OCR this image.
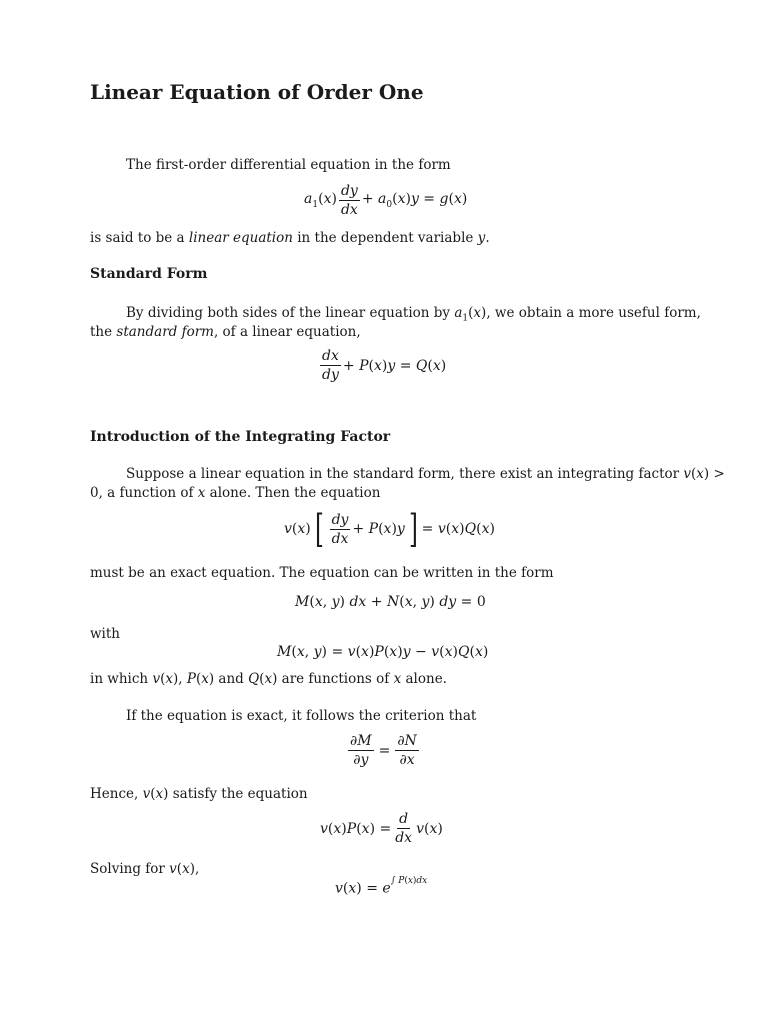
Linear Equation of Order One
The first-order differential equation in the form
$a_1(x) \frac{dy}{dx} + a_0(x)y = g(x)$
is said to be a linear equation in the dependent variable y.
Standard Form
By dividing both sides of the linear equation by $a_1(x)$, we obtain a more useful form,
the standard form, of a linear equation,
$\frac{dx}{dy} + P(x)y = Q(x)$
Introduction of the Integrating Factor
Suppose a linear equation in the standard form, there exist an integrating factor v(x) >
0, a function of x alone. Then the equation
v(x) [ $\frac{dy}{dx} + P(x)y$ ] = v(x)Q(x)
must be an exact equation. The equation can be written in the form
M(x, y) dx + N(x, y) dy = 0
with
M(x, y) = v(x)P(x)y − v(x)Q(x)
in which v(x), P(x) and Q(x) are functions of x alone.
If the equation is exact, it follows the criterion that
$\frac{\partial M}{\partial y} = \frac{\partial N}{\partial x}$
Hence, v(x) satisfy the equation
$v(x)P(x) = \frac{d}{dx} v(x)$
Solving for v(x),
$v(x) = e^{\int P(x)dx}$
